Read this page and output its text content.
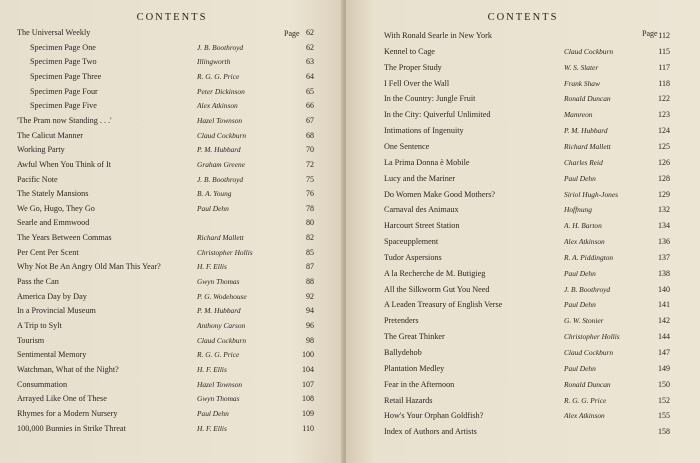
CONTENTS
Page
The Universal Weekly	62
Specimen Page One	J. B. Boothroyd	62
Specimen Page Two	Illingworth	63
Specimen Page Three	R. G. G. Price	64
Specimen Page Four	Peter Dickinson	65
Specimen Page Five	Alex Atkinson	66
'The Pram now Standing . . .'	Hazel Townson	67
The Calicut Manner	Claud Cockburn	68
Working Party	P. M. Hubbard	70
Awful When You Think of It	Graham Greene	72
Pacific Note	J. B. Boothroyd	75
The Stately Mansions	B. A. Young	76
We Go, Hugo, They Go	Paul Dehn	78
Searle and Emmwood	80
The Years Between Commas	Richard Mallett	82
Per Cent Per Scent	Christopher Hollis	85
Why Not Be An Angry Old Man This Year?	H. F. Ellis	87
Pass the Can	Gwyn Thomas	88
America Day by Day	P. G. Wodehouse	92
In a Provincial Museum	P. M. Hubbard	94
A Trip to Sylt	Anthony Carson	96
Tourism	Claud Cockburn	98
Sentimental Memory	R. G. G. Price	100
Watchman, What of the Night?	H. F. Ellis	104
Consummation	Hazel Townson	107
Arrayed Like One of These	Gwyn Thomas	108
Rhymes for a Modern Nursery	Paul Dehn	109
100,000 Bunnies in Strike Threat	H. F. Ellis	110
CONTENTS
Page
With Ronald Searle in New York	112
Kennel to Cage	Claud Cockburn	115
The Proper Study	W. S. Slater	117
I Fell Over the Wall	Frank Shaw	118
In the Country: Jungle Fruit	Ronald Duncan	122
In the City: Quiverful Unlimited	Mamreon	123
Intimations of Ingenuity	P. M. Hubbard	124
One Sentence	Richard Mallett	125
La Prima Donna è Mobile	Charles Reid	126
Lucy and the Mariner	Paul Dehn	128
Do Women Make Good Mothers?	Siriol Hugh-Jones	129
Carnaval des Animaux	Hoffnung	132
Harcourt Street Station	A. H. Barton	134
Spaceupplement	Alex Atkinson	136
Tudor Aspersions	R. A. Piddington	137
A la Recherche de M. Butigieg	Paul Dehn	138
All the Silkworm Gut You Need	J. B. Boothroyd	140
A Leaden Treasury of English Verse	Paul Dehn	141
Pretenders	G. W. Stonier	142
The Great Thinker	Christopher Hollis	144
Ballydehob	Claud Cockburn	147
Plantation Medley	Paul Dehn	149
Fear in the Afternoon	Ronald Duncan	150
Retail Hazards	R. G. G. Price	152
How's Your Orphan Goldfish?	Alex Atkinson	155
Index of Authors and Artists	158
